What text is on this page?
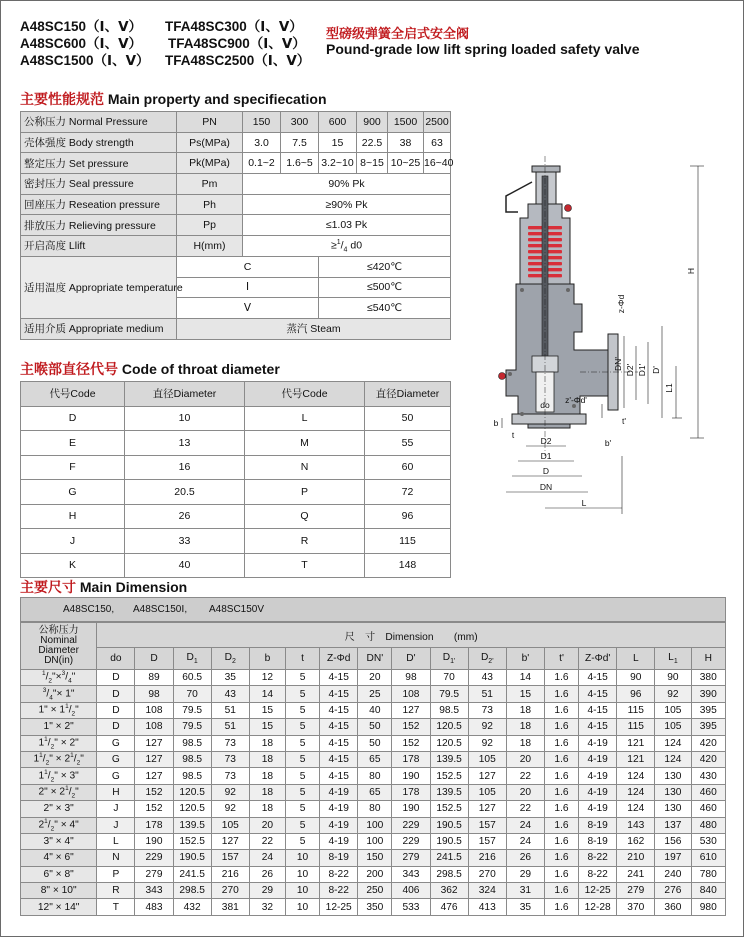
A48SC150（Ⅰ、Ⅴ） TFA48SC300（Ⅰ、Ⅴ）
A48SC600（Ⅰ、Ⅴ） TFA48SC900（Ⅰ、Ⅴ）
A48SC1500（Ⅰ、Ⅴ） TFA48SC2500（Ⅰ、Ⅴ）
型磅级弹簧全启式安全阀
Pound-grade low lift spring loaded safety valve
主要性能规范 Main property and specifiecation
公称压力 Normal Pressure	PN	150	300	600	900	1500	2500
壳体强度 Body strength	Ps(MPa)	3.0	7.5	15	22.5	38	63
整定压力 Set pressure	Pk(MPa)	0.1~2	1.6~5	3.2~10	8~15	10~25	16~40
密封压力 Seal pressure	Pm	90% Pk					
回座压力 Reseation pressure	Ph	≥90% Pk					
排放压力 Relieving pressure	Pp	≤1.03 Pk					
开启高度 Llift	H(mm)	$\ge^1/_4$ d0					
适用温度 Appropriate temperature	C			≤420℃			
	Ⅰ			≤500℃			
	Ⅴ			≤540℃			
适用介质 Appropriate medium	蒸汽 Steam						
主喉部直径代号 Code of throat diameter
代号Code	直径Diameter	代号Code	直径Diameter
D	10	L	50
E	13	M	55
F	16	N	60
G	20.5	P	72
H	26	Q	96
J	33	R	115
K	40	T	148
H
L1
DN' D2' D1' D'
z-Φd
z'-Φd'
do
D2
D1
D
DN
L
b
b'
t'
t
主要尺寸 Main Dimension
A48SC150, A48SC150Ⅰ, A48SC150V
公称压力
Nominal
Diameter
DN(in)	尺　寸　Dimension　　(mm)																
	do	D	$D_1$	$D_2$	b	t	Z-Φd	DN'	D'	$D_{1'}$	$D_{2'}$	b'	t'	Z-Φd'	L	$L_1$	H
$^1/_2"\times^3/_4$"	D	89	60.5	35	12	5	4-15	20	98	70	43	14	1.6	4-15	90	90	380
$^3/_4"\times 1$"	D	98	70	43	14	5	4-15	25	108	79.5	51	15	1.6	4-15	96	92	390
1" × $1^1/_2$"	D	108	79.5	51	15	5	4-15	40	127	98.5	73	18	1.6	4-15	115	105	395
1" × 2"	D	108	79.5	51	15	5	4-15	50	152	120.5	92	18	1.6	4-15	115	105	395
$1^1/_2$" × 2"	G	127	98.5	73	18	5	4-15	50	152	120.5	92	18	1.6	4-19	121	124	420
$1^1/_2$" × $2^1/_2$"	G	127	98.5	73	18	5	4-15	65	178	139.5	105	20	1.6	4-19	121	124	420
$1^1/_2$" × 3"	G	127	98.5	73	18	5	4-15	80	190	152.5	127	22	1.6	4-19	124	130	430
2" × $2^1/_2$"	H	152	120.5	92	18	5	4-19	65	178	139.5	105	20	1.6	4-19	124	130	460
2" × 3"	J	152	120.5	92	18	5	4-19	80	190	152.5	127	22	1.6	4-19	124	130	460
$2^1/_2$" × 4"	J	178	139.5	105	20	5	4-19	100	229	190.5	157	24	1.6	8-19	143	137	480
3" × 4"	L	190	152.5	127	22	5	4-19	100	229	190.5	157	24	1.6	8-19	162	156	530
4" × 6"	N	229	190.5	157	24	10	8-19	150	279	241.5	216	26	1.6	8-22	210	197	610
6" × 8"	P	279	241.5	216	26	10	8-22	200	343	298.5	270	29	1.6	8-22	241	240	780
8" × 10"	R	343	298.5	270	29	10	8-22	250	406	362	324	31	1.6	12-25	279	276	840
12" × 14"	T	483	432	381	32	10	12-25	350	533	476	413	35	1.6	12-28	370	360	980
